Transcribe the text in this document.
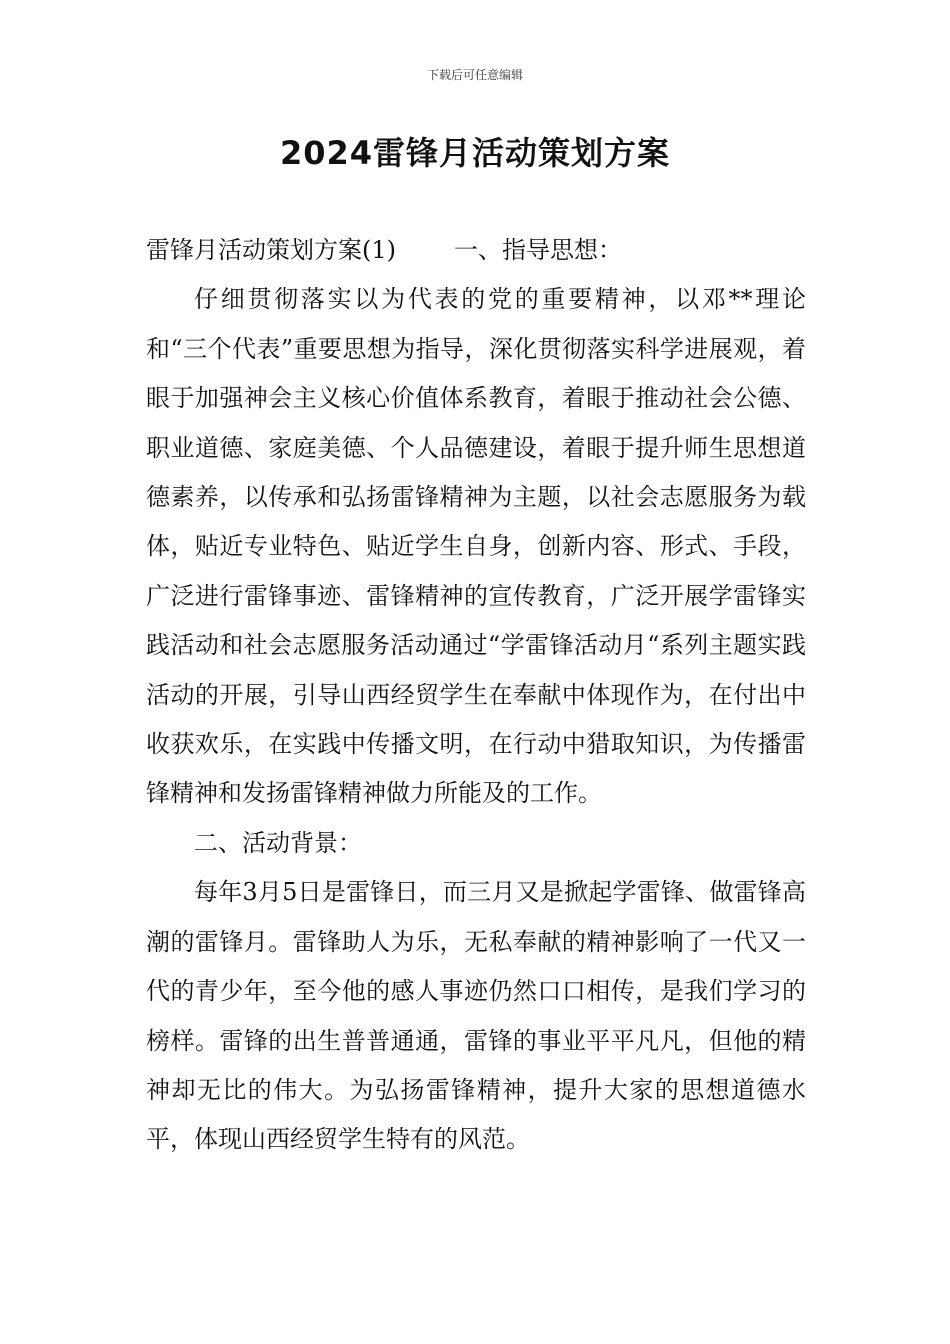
下载后可任意编辑
2024雷锋月活动策划方案

雷锋月活动策划方案(1) 一、指导思想：

仔细贯彻落实以为代表的党的重要精神，以邓**理论和“三个代表”重要思想为指导，深化贯彻落实科学进展观，着眼于加强神会主义核心价值体系教育，着眼于推动社会公德、职业道德、家庭美德、个人品德建设，着眼于提升师生思想道德素养，以传承和弘扬雷锋精神为主题，以社会志愿服务为载体，贴近专业特色、贴近学生自身，创新内容、形式、手段，广泛进行雷锋事迹、雷锋精神的宣传教育，广泛开展学雷锋实践活动和社会志愿服务活动通过“学雷锋活动月“系列主题实践活动的开展，引导山西经贸学生在奉献中体现作为，在付出中收获欢乐，在实践中传播文明，在行动中猎取知识，为传播雷锋精神和发扬雷锋精神做力所能及的工作。

二、活动背景：

每年3月5日是雷锋日，而三月又是掀起学雷锋、做雷锋高潮的雷锋月。雷锋助人为乐，无私奉献的精神影响了一代又一代的青少年，至今他的感人事迹仍然口口相传，是我们学习的榜样。雷锋的出生普普通通，雷锋的事业平平凡凡，但他的精神却无比的伟大。为弘扬雷锋精神，提升大家的思想道德水平，体现山西经贸学生特有的风范。
